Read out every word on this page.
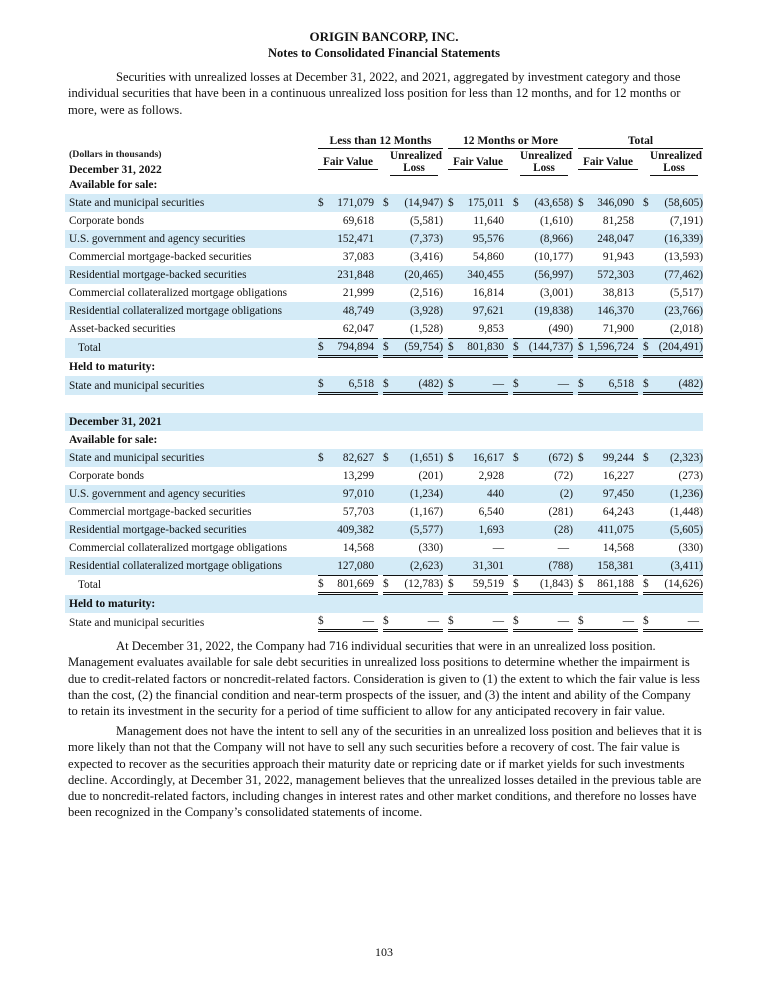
ORIGIN BANCORP, INC.
Notes to Consolidated Financial Statements
Securities with unrealized losses at December 31, 2022, and 2021, aggregated by investment category and those individual securities that have been in a continuous unrealized loss position for less than 12 months, and for 12 months or more, were as follows.

	Less than 12 Months		12 Months or More		Total	

(Dollars in thousands)
December 31, 2022	Fair Value	Unrealized Loss	Fair Value	Unrealized Loss	Fair Value	Unrealized Loss

Available for sale:						
State and municipal securities	$ 171,079	$ (14,947)	$ 175,011	$ (43,658)	$ 346,090	$ (58,605)

Corporate bonds	69,618	(5,581)	11,640	(1,610)	81,258	(7,191)

U.S. government and agency securities	152,471	(7,373)	95,576	(8,966)	248,047	(16,339)

Commercial mortgage-backed securities	37,083	(3,416)	54,860	(10,177)	91,943	(13,593)

Residential mortgage-backed securities	231,848	(20,465)	340,455	(56,997)	572,303	(77,462)

Commercial collateralized mortgage obligations	21,999	(2,516)	16,814	(3,001)	38,813	(5,517)

Residential collateralized mortgage obligations	48,749	(3,928)	97,621	(19,838)	146,370	(23,766)

Asset-backed securities	62,047	(1,528)	9,853	(490)	71,900	(2,018)

Total	$ 794,894	$ (59,754)	$ 801,830	$ (144,737)	$ 1,596,724	$ (204,491)

Held to maturity:						
State and municipal securities	$ 6,518	$ (482)	$ —	$ —	$ 6,518	$ (482)

December 31, 2021						
Available for sale:						
State and municipal securities	$ 82,627	$ (1,651)	$ 16,617	$ (672)	$ 99,244	$ (2,323)

Corporate bonds	13,299	(201)	2,928	(72)	16,227	(273)

U.S. government and agency securities	97,010	(1,234)	440	(2)	97,450	(1,236)

Commercial mortgage-backed securities	57,703	(1,167)	6,540	(281)	64,243	(1,448)

Residential mortgage-backed securities	409,382	(5,577)	1,693	(28)	411,075	(5,605)

Commercial collateralized mortgage obligations	14,568	(330)	—	—	14,568	(330)

Residential collateralized mortgage obligations	127,080	(2,623)	31,301	(788)	158,381	(3,411)

Total	$ 801,669	$ (12,783)	$ 59,519	$ (1,843)	$ 861,188	$ (14,626)

Held to maturity:						
State and municipal securities	$ —	$ —	$ —	$ —	$ —	$ —
At December 31, 2022, the Company had 716 individual securities that were in an unrealized loss position. Management evaluates available for sale debt securities in unrealized loss positions to determine whether the impairment is due to credit-related factors or noncredit-related factors. Consideration is given to (1) the extent to which the fair value is less than the cost, (2) the financial condition and near-term prospects of the issuer, and (3) the intent and ability of the Company to retain its investment in the security for a period of time sufficient to allow for any anticipated recovery in fair value.
Management does not have the intent to sell any of the securities in an unrealized loss position and believes that it is more likely than not that the Company will not have to sell any such securities before a recovery of cost. The fair value is expected to recover as the securities approach their maturity date or repricing date or if market yields for such investments decline. Accordingly, at December 31, 2022, management believes that the unrealized losses detailed in the previous table are due to noncredit-related factors, including changes in interest rates and other market conditions, and therefore no losses have been recognized in the Company’s consolidated statements of income.
103
